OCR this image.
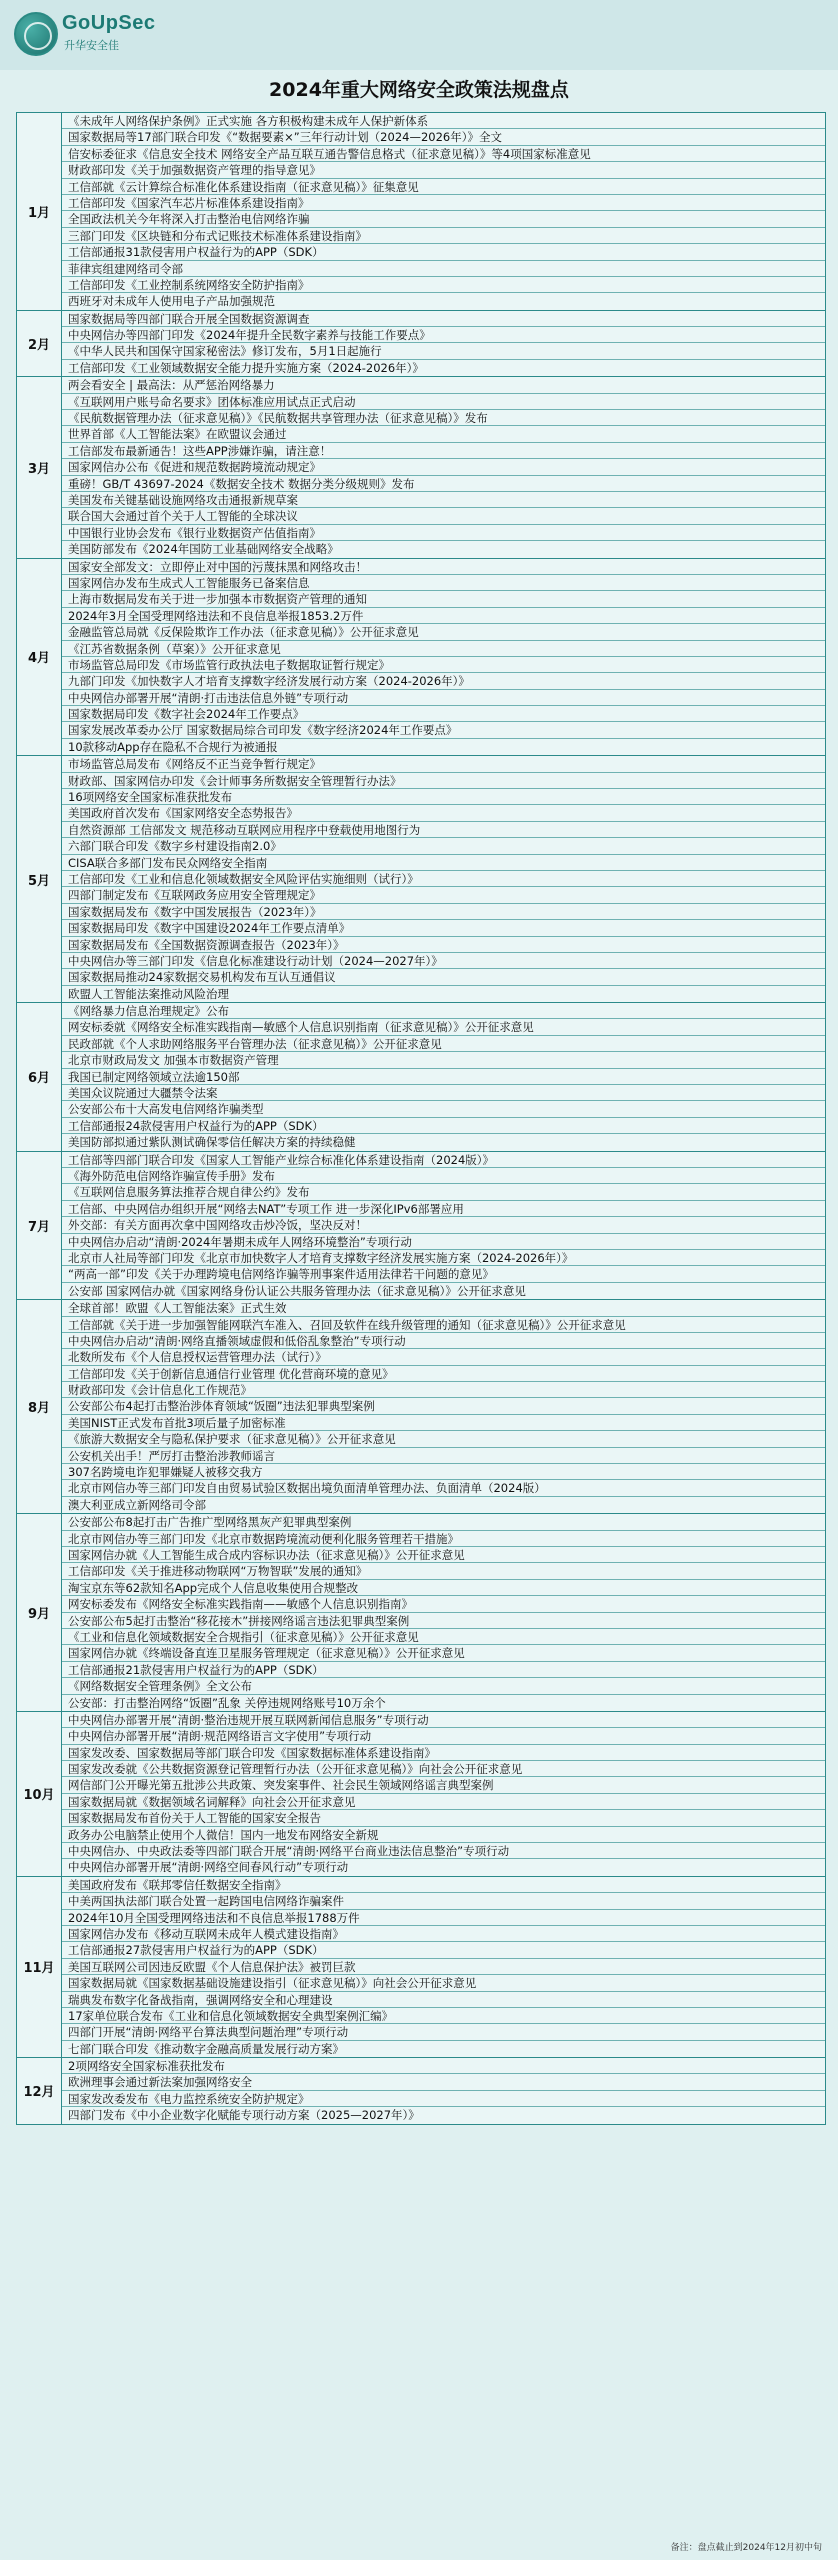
GoUpSec
升华安全佳
2024年重大网络安全政策法规盘点
1月
《未成年人网络保护条例》正式实施 各方积极构建未成年人保护新体系
国家数据局等17部门联合印发《“数据要素×”三年行动计划（2024—2026年）》全文
信安标委征求《信息安全技术 网络安全产品互联互通告警信息格式（征求意见稿）》等4项国家标准意见
财政部印发《关于加强数据资产管理的指导意见》
工信部就《云计算综合标准化体系建设指南（征求意见稿）》征集意见
工信部印发《国家汽车芯片标准体系建设指南》
全国政法机关今年将深入打击整治电信网络诈骗
三部门印发《区块链和分布式记账技术标准体系建设指南》
工信部通报31款侵害用户权益行为的APP（SDK）
菲律宾组建网络司令部
工信部印发《工业控制系统网络安全防护指南》
西班牙对未成年人使用电子产品加强规范
2月
国家数据局等四部门联合开展全国数据资源调查
中央网信办等四部门印发《2024年提升全民数字素养与技能工作要点》
《中华人民共和国保守国家秘密法》修订发布，5月1日起施行
工信部印发《工业领域数据安全能力提升实施方案（2024-2026年）》
3月
两会看安全 | 最高法：从严惩治网络暴力
《互联网用户账号命名要求》团体标准应用试点正式启动
《民航数据管理办法（征求意见稿）》《民航数据共享管理办法（征求意见稿）》发布
世界首部《人工智能法案》在欧盟议会通过
工信部发布最新通告！这些APP涉嫌诈骗，请注意！
国家网信办公布《促进和规范数据跨境流动规定》
重磅！GB/T 43697-2024《数据安全技术 数据分类分级规则》发布
美国发布关键基础设施网络攻击通报新规草案
联合国大会通过首个关于人工智能的全球决议
中国银行业协会发布《银行业数据资产估值指南》
美国防部发布《2024年国防工业基础网络安全战略》
4月
国家安全部发文：立即停止对中国的污蔑抹黑和网络攻击！
国家网信办发布生成式人工智能服务已备案信息
上海市数据局发布关于进一步加强本市数据资产管理的通知
2024年3月全国受理网络违法和不良信息举报1853.2万件
金融监管总局就《反保险欺诈工作办法（征求意见稿）》公开征求意见
《江苏省数据条例（草案）》公开征求意见
市场监管总局印发《市场监管行政执法电子数据取证暂行规定》
九部门印发《加快数字人才培育支撑数字经济发展行动方案（2024-2026年）》
中央网信办部署开展“清朗·打击违法信息外链”专项行动
国家数据局印发《数字社会2024年工作要点》
国家发展改革委办公厅 国家数据局综合司印发《数字经济2024年工作要点》
10款移动App存在隐私不合规行为被通报
5月
市场监管总局发布《网络反不正当竞争暂行规定》
财政部、国家网信办印发《会计师事务所数据安全管理暂行办法》
16项网络安全国家标准获批发布
美国政府首次发布《国家网络安全态势报告》
自然资源部 工信部发文 规范移动互联网应用程序中登载使用地图行为
六部门联合印发《数字乡村建设指南2.0》
CISA联合多部门发布民众网络安全指南
工信部印发《工业和信息化领域数据安全风险评估实施细则（试行）》
四部门制定发布《互联网政务应用安全管理规定》
国家数据局发布《数字中国发展报告（2023年）》
国家数据局印发《数字中国建设2024年工作要点清单》
国家数据局发布《全国数据资源调查报告（2023年）》
中央网信办等三部门印发《信息化标准建设行动计划（2024—2027年）》
国家数据局推动24家数据交易机构发布互认互通倡议
欧盟人工智能法案推动风险治理
6月
《网络暴力信息治理规定》公布
网安标委就《网络安全标准实践指南—敏感个人信息识别指南（征求意见稿）》公开征求意见
民政部就《个人求助网络服务平台管理办法（征求意见稿）》公开征求意见
北京市财政局发文 加强本市数据资产管理
我国已制定网络领域立法逾150部
美国众议院通过大疆禁令法案
公安部公布十大高发电信网络诈骗类型
工信部通报24款侵害用户权益行为的APP（SDK）
美国防部拟通过紫队测试确保零信任解决方案的持续稳健
7月
工信部等四部门联合印发《国家人工智能产业综合标准化体系建设指南（2024版）》
《海外防范电信网络诈骗宣传手册》发布
《互联网信息服务算法推荐合规自律公约》发布
工信部、中央网信办组织开展“网络去NAT”专项工作 进一步深化IPv6部署应用
外交部：有关方面再次拿中国网络攻击炒冷饭，坚决反对！
中央网信办启动“清朗·2024年暑期未成年人网络环境整治”专项行动
北京市人社局等部门印发《北京市加快数字人才培育支撑数字经济发展实施方案（2024-2026年）》
“两高一部”印发《关于办理跨境电信网络诈骗等刑事案件适用法律若干问题的意见》
公安部 国家网信办就《国家网络身份认证公共服务管理办法（征求意见稿）》公开征求意见
8月
全球首部！欧盟《人工智能法案》正式生效
工信部就《关于进一步加强智能网联汽车准入、召回及软件在线升级管理的通知（征求意见稿）》公开征求意见
中央网信办启动“清朗·网络直播领域虚假和低俗乱象整治”专项行动
北数所发布《个人信息授权运营管理办法（试行）》
工信部印发《关于创新信息通信行业管理 优化营商环境的意见》
财政部印发《会计信息化工作规范》
公安部公布4起打击整治涉体育领域“饭圈”违法犯罪典型案例
美国NIST正式发布首批3项后量子加密标准
《旅游大数据安全与隐私保护要求（征求意见稿）》公开征求意见
公安机关出手！严厉打击整治涉教师谣言
307名跨境电诈犯罪嫌疑人被移交我方
北京市网信办等三部门印发自由贸易试验区数据出境负面清单管理办法、负面清单（2024版）
澳大利亚成立新网络司令部
9月
公安部公布8起打击广告推广型网络黑灰产犯罪典型案例
北京市网信办等三部门印发《北京市数据跨境流动便利化服务管理若干措施》
国家网信办就《人工智能生成合成内容标识办法（征求意见稿）》公开征求意见
工信部印发《关于推进移动物联网“万物智联”发展的通知》
淘宝京东等62款知名App完成个人信息收集使用合规整改
网安标委发布《网络安全标准实践指南——敏感个人信息识别指南》
公安部公布5起打击整治“移花接木”拼接网络谣言违法犯罪典型案例
《工业和信息化领域数据安全合规指引（征求意见稿）》公开征求意见
国家网信办就《终端设备直连卫星服务管理规定（征求意见稿）》公开征求意见
工信部通报21款侵害用户权益行为的APP（SDK）
《网络数据安全管理条例》全文公布
公安部：打击整治网络“饭圈”乱象 关停违规网络账号10万余个
10月
中央网信办部署开展“清朗·整治违规开展互联网新闻信息服务”专项行动
中央网信办部署开展“清朗·规范网络语言文字使用”专项行动
国家发改委、国家数据局等部门联合印发《国家数据标准体系建设指南》
国家发改委就《公共数据资源登记管理暂行办法（公开征求意见稿）》向社会公开征求意见
网信部门公开曝光第五批涉公共政策、突发案事件、社会民生领域网络谣言典型案例
国家数据局就《数据领域名词解释》向社会公开征求意见
国家数据局发布首份关于人工智能的国家安全报告
政务办公电脑禁止使用个人微信！国内一地发布网络安全新规
中央网信办、中央政法委等四部门联合开展“清朗·网络平台商业违法信息整治”专项行动
中央网信办部署开展“清朗·网络空间春风行动”专项行动
11月
美国政府发布《联邦零信任数据安全指南》
中美两国执法部门联合处置一起跨国电信网络诈骗案件
2024年10月全国受理网络违法和不良信息举报1788万件
国家网信办发布《移动互联网未成年人模式建设指南》
工信部通报27款侵害用户权益行为的APP（SDK）
美国互联网公司因违反欧盟《个人信息保护法》被罚巨款
国家数据局就《国家数据基础设施建设指引（征求意见稿）》向社会公开征求意见
瑞典发布数字化备战指南，强调网络安全和心理建设
17家单位联合发布《工业和信息化领域数据安全典型案例汇编》
四部门开展“清朗·网络平台算法典型问题治理”专项行动
七部门联合印发《推动数字金融高质量发展行动方案》
12月
2项网络安全国家标准获批发布
欧洲理事会通过新法案加强网络安全
国家发改委发布《电力监控系统安全防护规定》
四部门发布《中小企业数字化赋能专项行动方案（2025—2027年）》
备注：盘点截止到2024年12月初中旬
